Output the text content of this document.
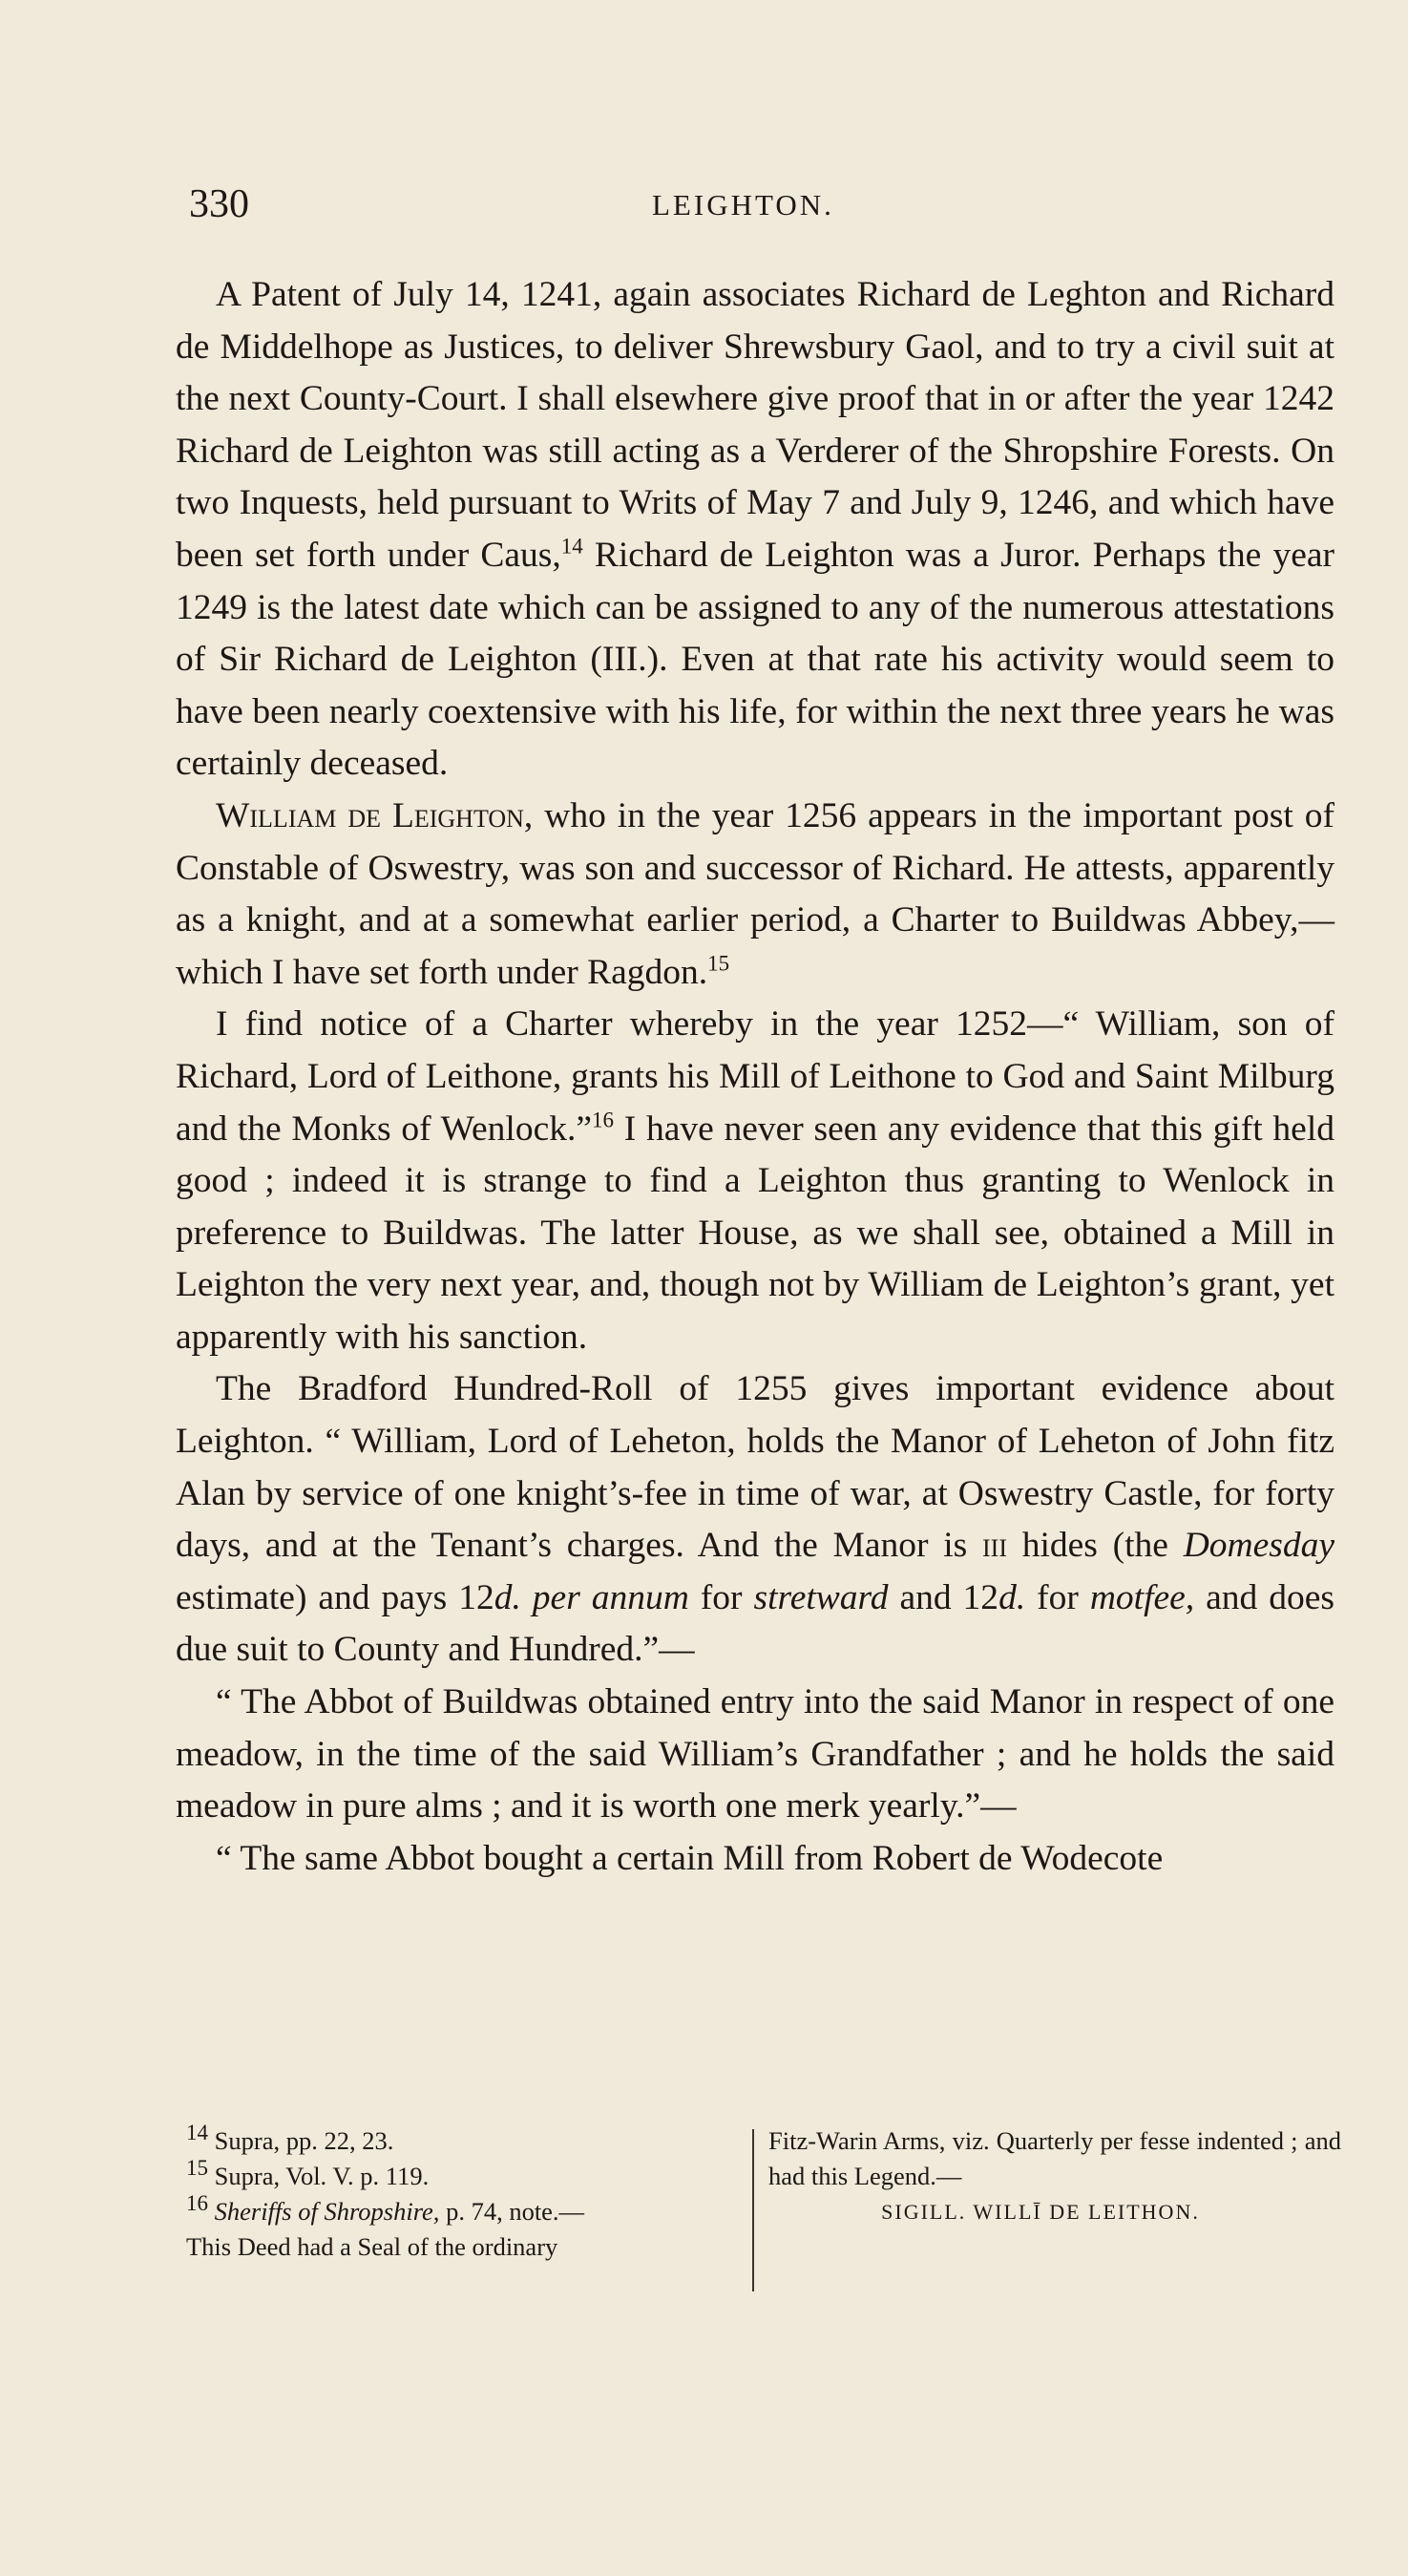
330	LEIGHTON.

A Patent of July 14, 1241, again associates Richard de Leghton and Richard de Middelhope as Justices, to deliver Shrewsbury Gaol, and to try a civil suit at the next County-Court. I shall elsewhere give proof that in or after the year 1242 Richard de Leighton was still acting as a Verderer of the Shropshire Forests. On two Inquests, held pursuant to Writs of May 7 and July 9, 1246, and which have been set forth under Caus,$^{14}$ Richard de Leighton was a Juror. Perhaps the year 1249 is the latest date which can be assigned to any of the numerous attestations of Sir Richard de Leighton (III.). Even at that rate his activity would seem to have been nearly coextensive with his life, for within the next three years he was certainly deceased.

William de Leighton, who in the year 1256 appears in the important post of Constable of Oswestry, was son and successor of Richard. He attests, apparently as a knight, and at a somewhat earlier period, a Charter to Buildwas Abbey,—which I have set forth under Ragdon.$^{15}$

I find notice of a Charter whereby in the year 1252—“ William, son of Richard, Lord of Leithone, grants his Mill of Leithone to God and Saint Milburg and the Monks of Wenlock.”$^{16}$ I have never seen any evidence that this gift held good ; indeed it is strange to find a Leighton thus granting to Wenlock in preference to Buildwas. The latter House, as we shall see, obtained a Mill in Leighton the very next year, and, though not by William de Leighton’s grant, yet apparently with his sanction.

The Bradford Hundred-Roll of 1255 gives important evidence about Leighton. “ William, Lord of Leheton, holds the Manor of Leheton of John fitz Alan by service of one knight’s-fee in time of war, at Oswestry Castle, for forty days, and at the Tenant’s charges. And the Manor is iii hides (the Domesday estimate) and pays 12d. per annum for stretward and 12d. for motfee, and does due suit to County and Hundred.”—

“ The Abbot of Buildwas obtained entry into the said Manor in respect of one meadow, in the time of the said William’s Grandfather ; and he holds the said meadow in pure alms ; and it is worth one merk yearly.”—

“ The same Abbot bought a certain Mill from Robert de Wodecote

$^{14}$ Supra, pp. 22, 23.

$^{15}$ Supra, Vol. V. p. 119.

$^{16}$ Sheriffs of Shropshire, p. 74, note.—

This Deed had a Seal of the ordinary

Fitz-Warin Arms, viz. Quarterly per fesse indented ; and had this Legend.—

SIGILL. WILLĪ DE LEITHON.
